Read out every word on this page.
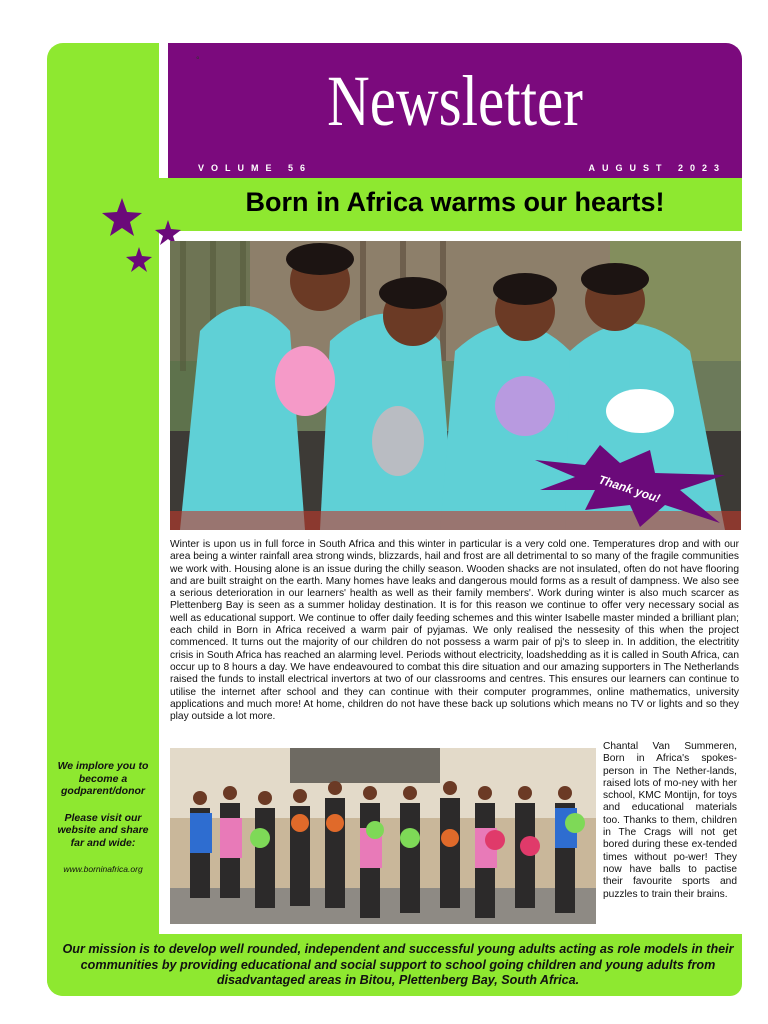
°
Newsletter
VOLUME 56	AUGUST 2023
Born in Africa warms our hearts!
Thank you!

Winter is upon us in full force in South Africa and this winter in particular is a very cold one. Temperatures drop and with our area being a winter rainfall area strong winds, blizzards, hail and frost are all detrimental to so many of the fragile communities we work with. Housing alone is an issue during the chilly season. Wooden shacks are not insulated, often do not have flooring and are built straight on the earth. Many homes have leaks and dangerous mould forms as a result of dampness. We also see a serious deterioration in our learners' health as well as their family members'. Work during winter is also much scarcer as Plettenberg Bay is seen as a summer holiday destination. It is for this reason we continue to offer very necessary social as well as educational support. We continue to offer daily feeding schemes and this winter Isabelle master minded a brilliant plan; each child in Born in Africa received a warm pair of pyjamas. We only realised the nessesity of this when the project commenced. It turns out the majority of our children do not possess a warm pair of pj's to sleep in. In addition, the electritity crisis in South Africa has reached an alarming level. Periods without electricity, loadshedding as it is called in South Africa, can occur up to 8 hours a day. We have endeavoured to combat this dire situation and our amazing supporters in The Netherlands raised the funds to install electrical invertors at two of our classrooms and centres. This ensures our learners can continue to utilise the internet after school and they can continue with their computer programmes, online mathematics, university applications and much more! At home, children do not have these back up solutions which means no TV or lights and so they play outside a lot more.

Chantal Van Summeren, Born in Africa's spokes-person in The Nether-lands, raised lots of mo-ney with her school, KMC Montijn, for toys and educational materials too. Thanks to them, children in The Crags will not get bored during these ex-tended times without po-wer! They now have balls to pactise their favourite sports and puzzles to train their brains.

We implore you to become a godparent/donor

Please visit our website and share far and wide:

www.borninafrica.org

Our mission is to develop well rounded, independent and successful young adults acting as role models in their communities by providing educational and social support to school going children and young adults from disadvantaged areas in Bitou, Plettenberg Bay, South Africa.
